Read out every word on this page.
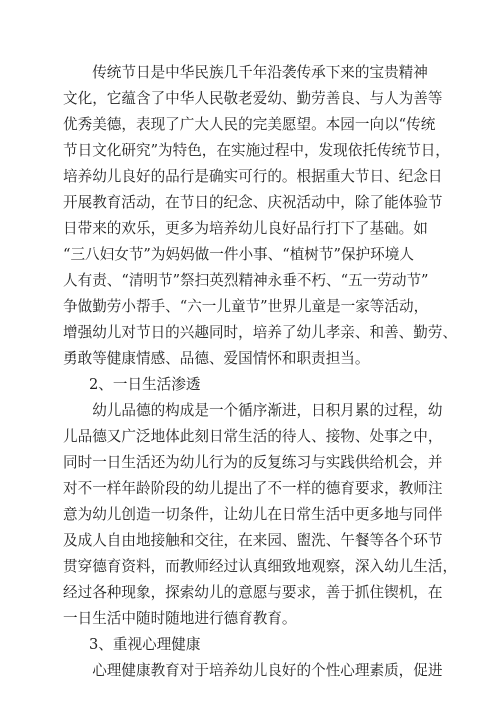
　　传统节日是中华民族几千年沿袭传承下来的宝贵精神
文化，它蕴含了中华人民敬老爱幼、勤劳善良、与人为善等
优秀美德，表现了广大人民的完美愿望。本园一向以“传统
节日文化研究”为特色，在实施过程中，发现依托传统节日，
培养幼儿良好的品行是确实可行的。根据重大节日、纪念日
开展教育活动，在节日的纪念、庆祝活动中，除了能体验节
日带来的欢乐，更多为培养幼儿良好品行打下了基础。如
“三八妇女节”为妈妈做一件小事、“植树节”保护环境人
人有责、“清明节”祭扫英烈精神永垂不朽、“五一劳动节”
争做勤劳小帮手、“六一儿童节”世界儿童是一家等活动，
增强幼儿对节日的兴趣同时，培养了幼儿孝亲、和善、勤劳、
勇敢等健康情感、品德、爱国情怀和职责担当。
2、一日生活渗透
　　幼儿品德的构成是一个循序渐进，日积月累的过程，幼
儿品德又广泛地体此刻日常生活的待人、接物、处事之中，
同时一日生活还为幼儿行为的反复练习与实践供给机会，并
对不一样年龄阶段的幼儿提出了不一样的德育要求，教师注
意为幼儿创造一切条件，让幼儿在日常生活中更多地与同伴
及成人自由地接触和交往，在来园、盥洗、午餐等各个环节
贯穿德育资料，而教师经过认真细致地观察，深入幼儿生活，
经过各种现象，探索幼儿的意愿与要求，善于抓住锲机，在
一日生活中随时随地进行德育教育。
3、重视心理健康
　　心理健康教育对于培养幼儿良好的个性心理素质，促进
